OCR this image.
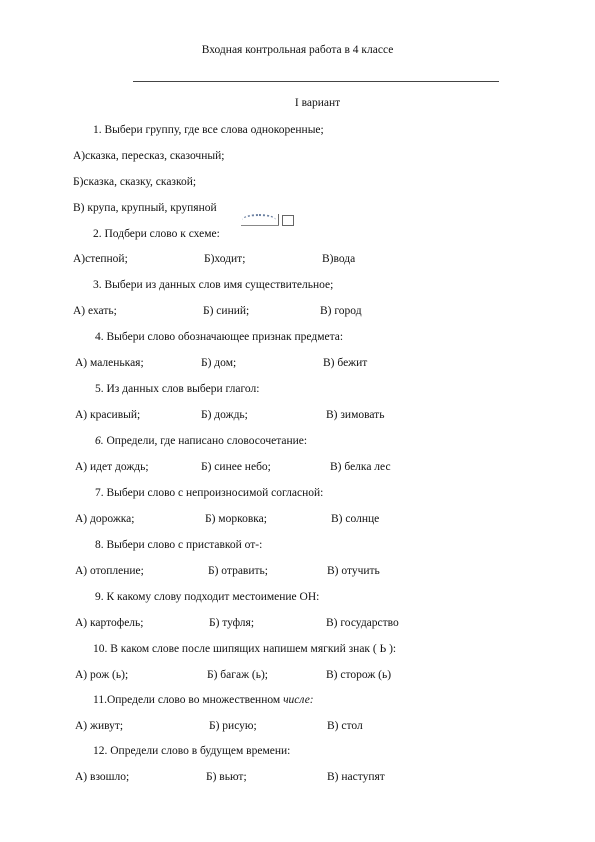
Входная контрольная работа в 4 классе
I вариант
1. Выбери группу, где все слова однокоренные;
А)сказка, пересказ, сказочный;
Б)сказка, сказку, сказкой;
В) крупа, крупный, крупяной
2. Подбери слово к схеме:
А)степной;	Б)ходит;	В)вода
3. Выбери из данных слов имя существительное;
А) ехать;	Б) синий;	В) город
4. Выбери слово обозначающее признак предмета:
А) маленькая;	Б) дом;	В) бежит
5. Из данных слов выбери глагол:
А) красивый;	Б) дождь;	В) зимовать
6. Определи, где написано словосочетание:
А) идет дождь;	Б) синее небо;	В) белка лес
7. Выбери слово с непроизносимой согласной:
А) дорожка;	Б) морковка;	В) солнце
8. Выбери слово с приставкой от-:
А) отопление;	Б) отравить;	В) отучить
9. К какому слову подходит местоимение ОН:
А) картофель;	Б) туфля;	В) государство
10. В каком слове после шипящих напишем мягкий знак ( Ь ):
А) рож (ь);	Б) багаж (ь);	В) сторож (ь)
11.Определи слово во множественном числе:
А) живут;	Б) рисую;	В) стол
12. Определи слово в будущем времени:
А) взошло;	Б) вьют;	В) наступят
